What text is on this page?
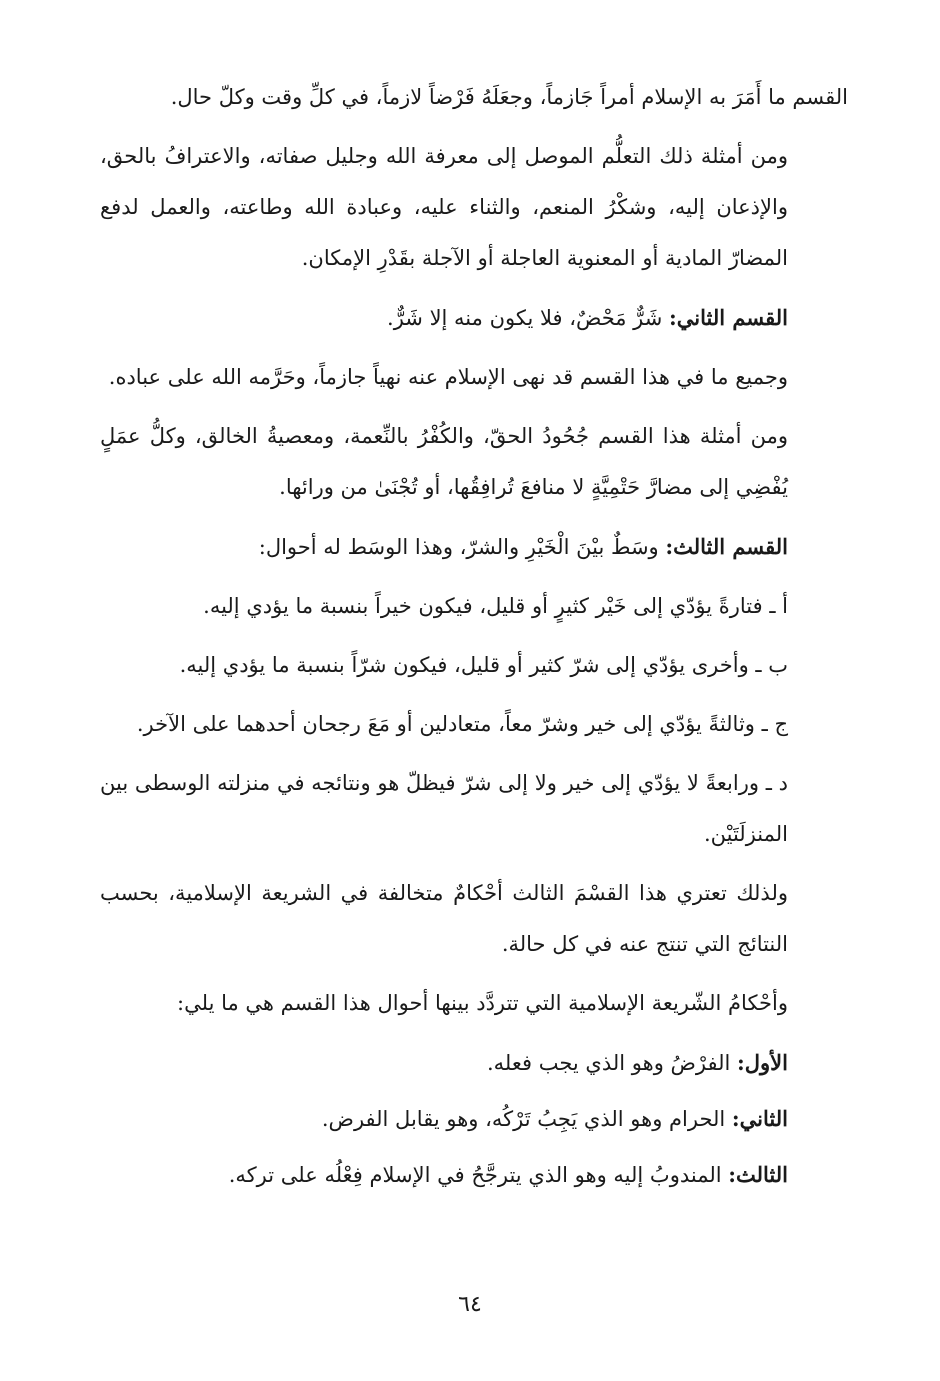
القسم ما أَمَرَ به الإسلام أمراً جَازماً، وجعَلَهُ فَرْضاً لازماً، في كلِّ وقت وكلّ حال.

ومن أمثلة ذلك التعلُّم الموصل إلى معرفة الله وجليل صفاته، والاعترافُ بالحق، والإذعان إليه، وشكْرُ المنعم، والثناء عليه، وعبادة الله وطاعته، والعمل لدفع المضارّ المادية أو المعنوية العاجلة أو الآجلة بقَدْرِ الإمكان.

القسم الثاني: شَرٌّ مَحْضٌ، فلا يكون منه إلا شَرٌّ.

وجميع ما في هذا القسم قد نهى الإسلام عنه نهياً جازماً، وحَرَّمه الله على عباده.

ومن أمثلة هذا القسم جُحُودُ الحقّ، والكُفْرُ بالنِّعمة، ومعصيةُ الخالق، وكلُّ عمَلٍ يُفْضِي إلى مضارَّ حَتْمِيَّةٍ لا منافعَ تُرافِقُها، أو تُجْنَىٰ من ورائها.

القسم الثالث: وسَطٌ بيْنَ الْخَيْرِ والشرّ، وهذا الوسَط له أحوال:

أ ـ فتارةً يؤدّي إلى خَيْر كثيرٍ أو قليل، فيكون خيراً بنسبة ما يؤدي إليه.

ب ـ وأخرى يؤدّي إلى شرّ كثير أو قليل، فيكون شرّاً بنسبة ما يؤدي إليه.

ج ـ وثالثةً يؤدّي إلى خير وشرّ معاً، متعادلين أو مَعَ رجحان أحدهما على الآخر.

د ـ ورابعةً لا يؤدّي إلى خير ولا إلى شرّ فيظلّ هو ونتائجه في منزلته الوسطى بين المنزلَتَيْن.

ولذلك تعتري هذا القسْمَ الثالث أحْكامٌ متخالفة في الشريعة الإسلامية، بحسب النتائج التي تنتج عنه في كل حالة.

وأحْكامُ الشّريعة الإسلامية التي تتردَّد بينها أحوال هذا القسم هي ما يلي:

الأول: الفرْضُ وهو الذي يجب فعله.

الثاني: الحرام وهو الذي يَجِبُ تَرْكُه، وهو يقابل الفرض.

الثالث: المندوبُ إليه وهو الذي يترجَّحُ في الإسلام فِعْلُه على تركه.

٦٤
